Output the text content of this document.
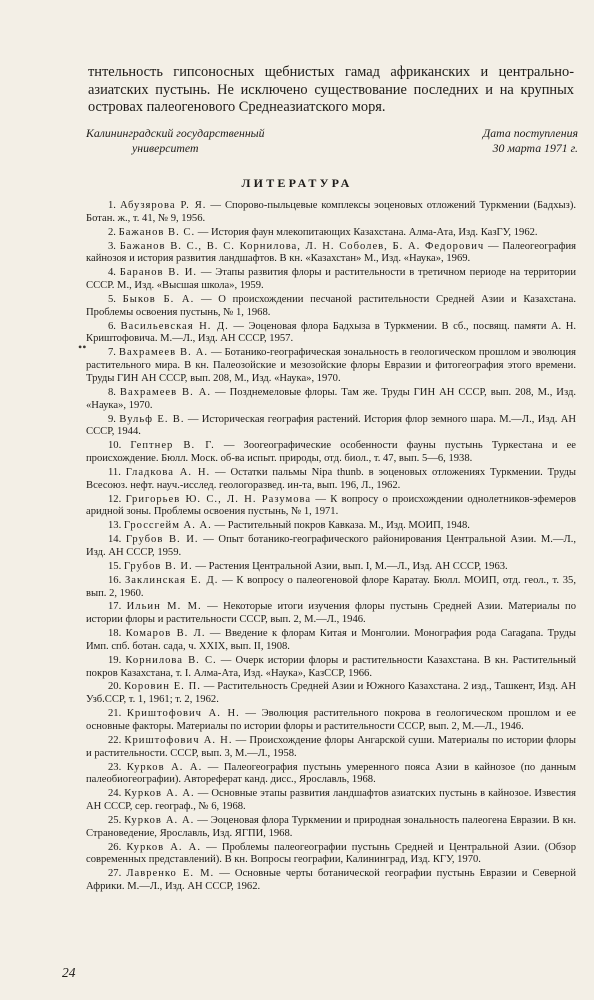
тнтельность гипсоносных щебнистых гамад африканских и центрально-азиатских пустынь. Не исключено существование последних и на крупных островах палеогенового Среднеазиатского моря.

Калининградский государственный
университет
Дата поступления
30 марта 1971 г.
••
ЛИТЕРАТУРА

1. Абузярова Р. Я. — Спорово-пыльцевые комплексы эоценовых отложений Туркмении (Бадхыз). Ботан. ж., т. 41, № 9, 1956.

2. Бажанов В. С. — История фаун млекопитающих Казахстана. Алма-Ата, Изд. КазГУ, 1962.

3. Бажанов В. С., В. С. Корнилова, Л. Н. Соболев, Б. А. Федорович — Палеогеография кайнозоя и история развития ландшафтов. В кн. «Казахстан» М., Изд. «Наука», 1969.

4. Баранов В. И. — Этапы развития флоры и растительности в третичном периоде на территории СССР. М., Изд. «Высшая школа», 1959.

5. Быков Б. А. — О происхождении песчаной растительности Средней Азии и Казахстана. Проблемы освоения пустынь, № 1, 1968.

6. Васильевская Н. Д. — Эоценовая флора Бадхыза в Туркмении. В сб., посвящ. памяти А. Н. Криштофовича. М.—Л., Изд. АН СССР, 1957.

7. Вахрамеев В. А. — Ботанико-географическая зональность в геологическом прошлом и эволюция растительного мира. В кн. Палеозойские и мезозойские флоры Евразии и фитогеография этого времени. Труды ГИН АН СССР, вып. 208, М., Изд. «Наука», 1970.

8. Вахрамеев В. А. — Позднемеловые флоры. Там же. Труды ГИН АН СССР, вып. 208, М., Изд. «Наука», 1970.

9. Вульф Е. В. — Историческая география растений. История флор земного шара. М.—Л., Изд. АН СССР, 1944.

10. Гептнер В. Г. — Зоогеографические особенности фауны пустынь Туркестана и ее происхождение. Бюлл. Моск. об-ва испыт. природы, отд. биол., т. 47, вып. 5—6, 1938.

11. Гладкова А. Н. — Остатки пальмы Nipa thunb. в эоценовых отложениях Туркмении. Труды Всесоюз. нефт. науч.-исслед. геологоразвед. ин-та, вып. 196, Л., 1962.

12. Григорьев Ю. С., Л. Н. Разумова — К вопросу о происхождении однолетников-эфемеров аридной зоны. Проблемы освоения пустынь, № 1, 1971.

13. Гроссгейм А. А. — Растительный покров Кавказа. М., Изд. МОИП, 1948.

14. Грубов В. И. — Опыт ботанико-географического районирования Центральной Азии. М.—Л., Изд. АН СССР, 1959.

15. Грубов В. И. — Растения Центральной Азии, вып. I, М.—Л., Изд. АН СССР, 1963.

16. Заклинская Е. Д. — К вопросу о палеогеновой флоре Каратау. Бюлл. МОИП, отд. геол., т. 35, вып. 2, 1960.

17. Ильин М. М. — Некоторые итоги изучения флоры пустынь Средней Азии. Материалы по истории флоры и растительности СССР, вып. 2, М.—Л., 1946.

18. Комаров В. Л. — Введение к флорам Китая и Монголии. Монография рода Caragana. Труды Имп. спб. ботан. сада, ч. XXIX, вып. II, 1908.

19. Корнилова В. С. — Очерк истории флоры и растительности Казахстана. В кн. Растительный покров Казахстана, т. I. Алма-Ата, Изд. «Наука», КазССР, 1966.

20. Коровин Е. П. — Растительность Средней Азии и Южного Казахстана. 2 изд., Ташкент, Изд. АН Узб.ССР, т. 1, 1961; т. 2, 1962.

21. Криштофович А. Н. — Эволюция растительного покрова в геологическом прошлом и ее основные факторы. Материалы по истории флоры и растительности СССР, вып. 2, М.—Л., 1946.

22. Криштофович А. Н. — Происхождение флоры Ангарской суши. Материалы по истории флоры и растительности. СССР, вып. 3, М.—Л., 1958.

23. Курков А. А. — Палеогеография пустынь умеренного пояса Азии в кайнозое (по данным палеобиогеографии). Автореферат канд. дисс., Ярославль, 1968.

24. Курков А. А. — Основные этапы развития ландшафтов азиатских пустынь в кайнозое. Известия АН СССР, сер. географ., № 6, 1968.

25. Курков А. А. — Эоценовая флора Туркмении и природная зональность палеогена Евразии. В кн. Страноведение, Ярославль, Изд. ЯГПИ, 1968.

26. Курков А. А. — Проблемы палеогеографии пустынь Средней и Центральной Азии. (Обзор современных представлений). В кн. Вопросы географии, Калининград, Изд. КГУ, 1970.

27. Лавренко Е. М. — Основные черты ботанической географии пустынь Евразии и Северной Африки. М.—Л., Изд. АН СССР, 1962.

24
